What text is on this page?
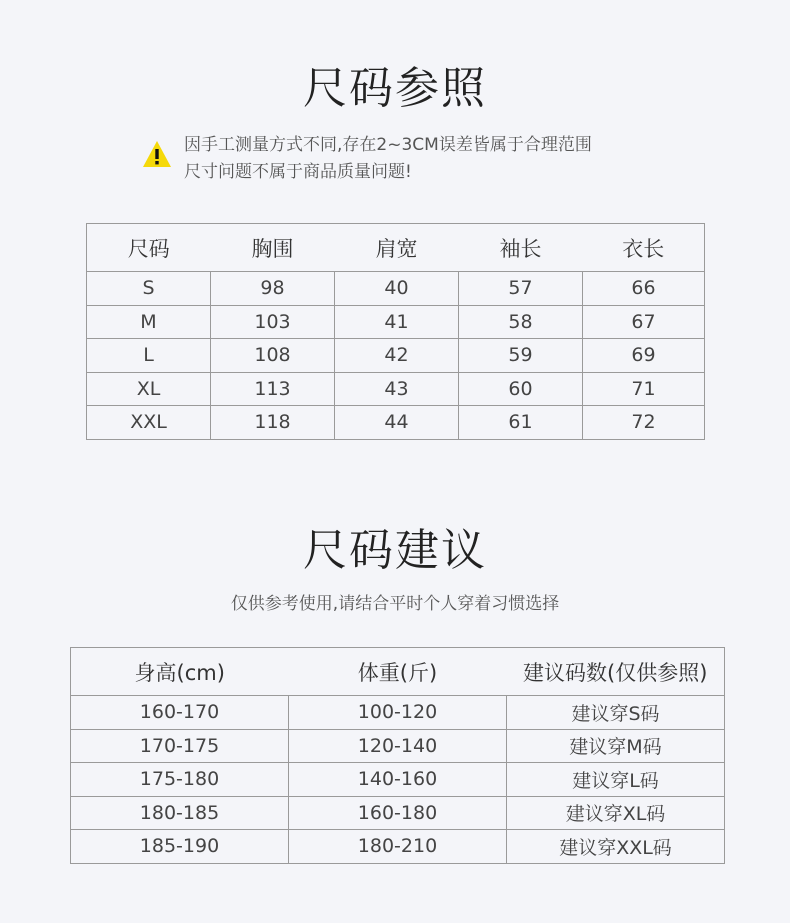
尺码参照
因手工测量方式不同,存在2~3CM误差皆属于合理范围
尺寸问题不属于商品质量问题!
尺码	胸围	肩宽	袖长	衣长
S	98	40	57	66
M	103	41	58	67
L	108	42	59	69
XL	113	43	60	71
XXL	118	44	61	72
尺码建议
仅供参考使用,请结合平时个人穿着习惯选择
身高(cm)	体重(斤)	建议码数(仅供参照)
160-170	100-120	建议穿S码
170-175	120-140	建议穿M码
175-180	140-160	建议穿L码
180-185	160-180	建议穿XL码
185-190	180-210	建议穿XXL码
